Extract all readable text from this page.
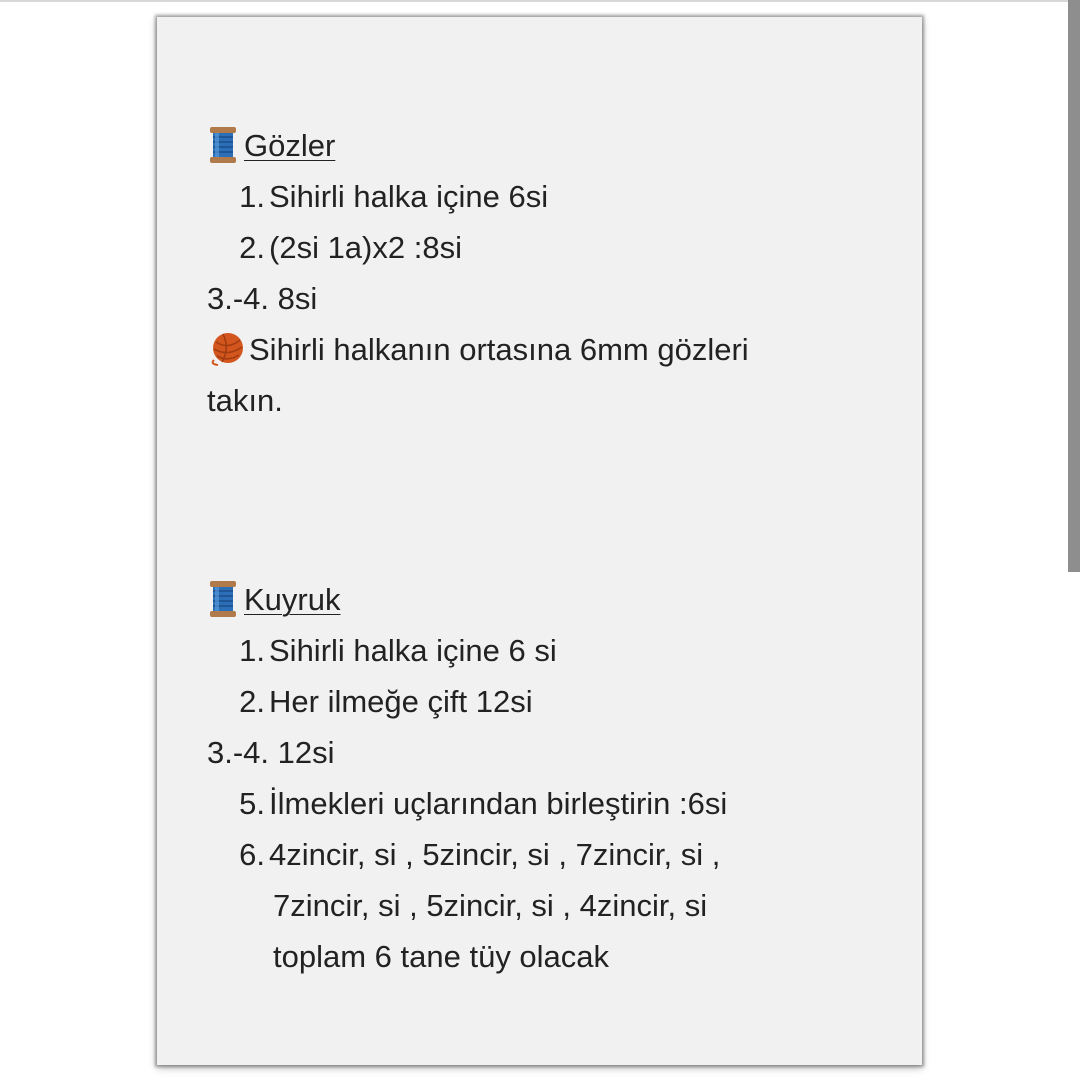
Gözler
1. Sihirli halka içine 6si
2. (2si 1a)x2 :8si
3.-4. 8si
Sihirli halkanın ortasına 6mm gözleri
takın.
Kuyruk
1. Sihirli halka içine 6 si
2. Her ilmeğe çift 12si
3.-4. 12si
5. İlmekleri uçlarından birleştirin :6si
6. 4zincir, si , 5zincir, si , 7zincir, si ,
7zincir, si , 5zincir, si , 4zincir, si
toplam 6 tane tüy olacak
